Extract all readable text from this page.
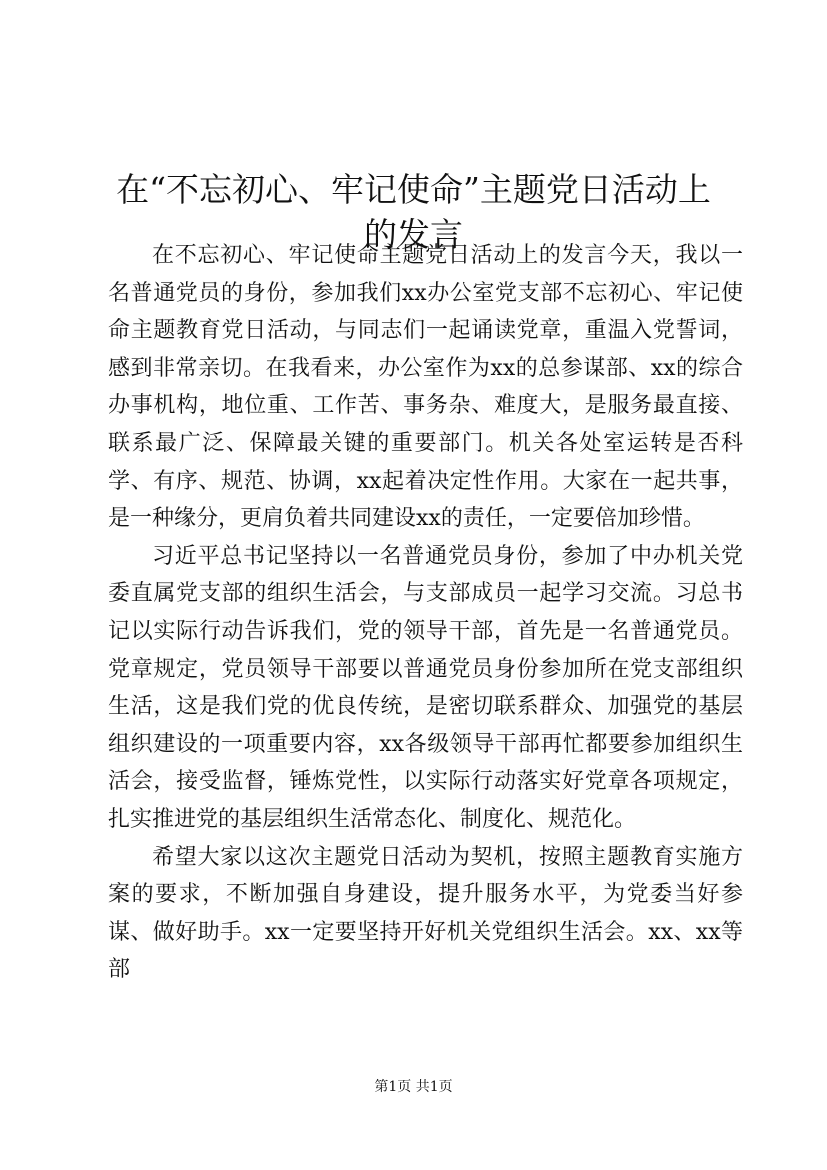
在“不忘初心、牢记使命”主题党日活动上的发言

在不忘初心、牢记使命主题党日活动上的发言今天，我以一名普通党员的身份，参加我们xx办公室党支部不忘初心、牢记使命主题教育党日活动，与同志们一起诵读党章，重温入党誓词，感到非常亲切。在我看来，办公室作为xx的总参谋部、xx的综合办事机构，地位重、工作苦、事务杂、难度大，是服务最直接、联系最广泛、保障最关键的重要部门。机关各处室运转是否科学、有序、规范、协调，xx起着决定性作用。大家在一起共事，是一种缘分，更肩负着共同建设xx的责任，一定要倍加珍惜。

习近平总书记坚持以一名普通党员身份，参加了中办机关党委直属党支部的组织生活会，与支部成员一起学习交流。习总书记以实际行动告诉我们，党的领导干部，首先是一名普通党员。党章规定，党员领导干部要以普通党员身份参加所在党支部组织生活，这是我们党的优良传统，是密切联系群众、加强党的基层组织建设的一项重要内容，xx各级领导干部再忙都要参加组织生活会，接受监督，锤炼党性，以实际行动落实好党章各项规定，扎实推进党的基层组织生活常态化、制度化、规范化。

希望大家以这次主题党日活动为契机，按照主题教育实施方案的要求，不断加强自身建设，提升服务水平，为党委当好参谋、做好助手。xx一定要坚持开好机关党组织生活会。xx、xx等部

第1页 共1页
